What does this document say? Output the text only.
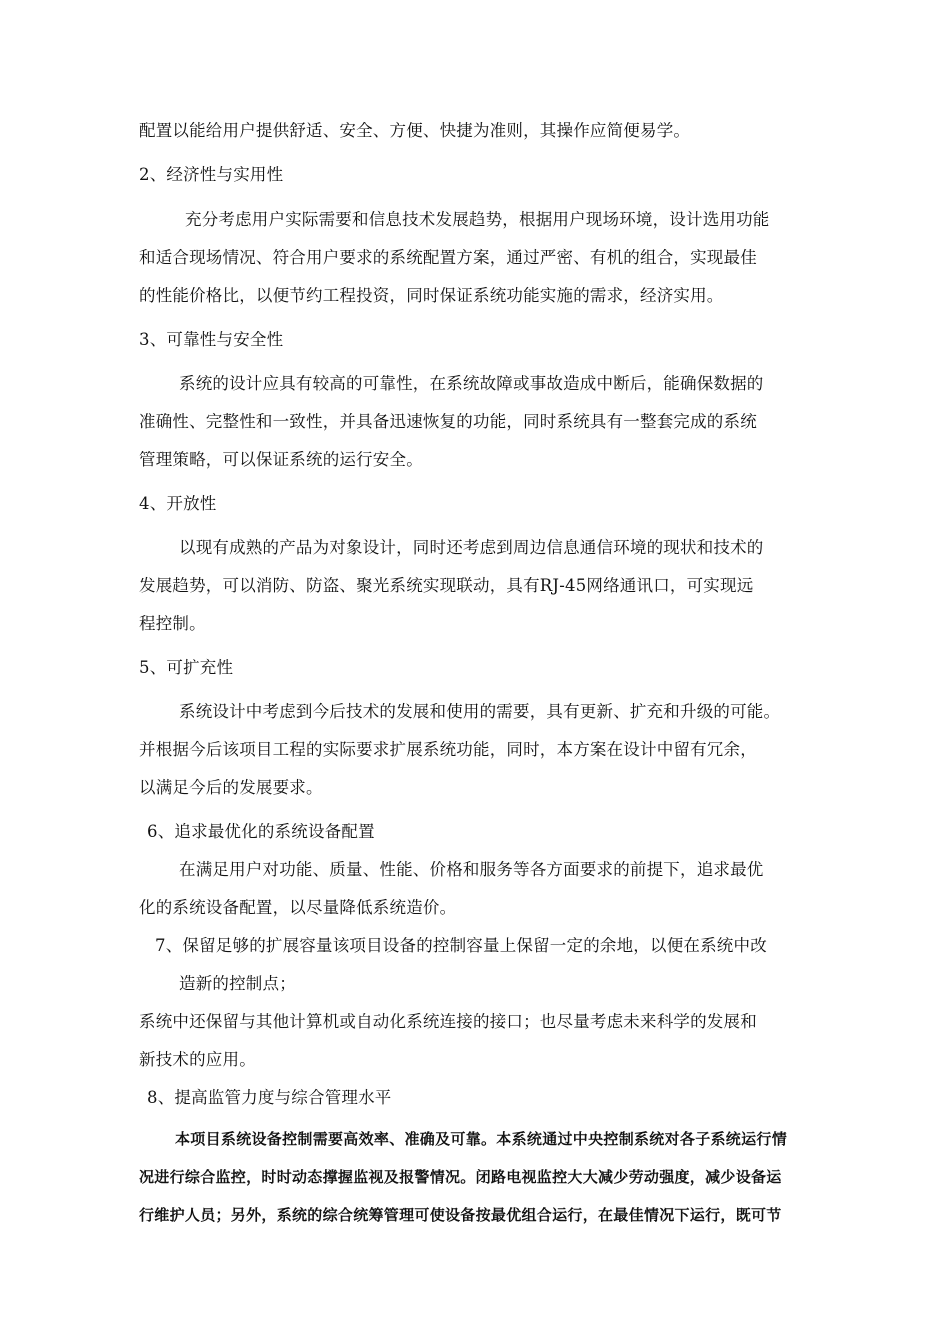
配置以能给用户提供舒适、安全、方便、快捷为准则，其操作应简便易学。

2、经济性与实用性

充分考虑用户实际需要和信息技术发展趋势，根据用户现场环境，设计选用功能

和适合现场情况、符合用户要求的系统配置方案，通过严密、有机的组合，实现最佳

的性能价格比，以便节约工程投资，同时保证系统功能实施的需求，经济实用。

3、可靠性与安全性

系统的设计应具有较高的可靠性，在系统故障或事故造成中断后，能确保数据的

准确性、完整性和一致性，并具备迅速恢复的功能，同时系统具有一整套完成的系统

管理策略，可以保证系统的运行安全。

4、开放性

以现有成熟的产品为对象设计，同时还考虑到周边信息通信环境的现状和技术的

发展趋势，可以消防、防盗、聚光系统实现联动，具有RJ-45网络通讯口，可实现远

程控制。

5、可扩充性

系统设计中考虑到今后技术的发展和使用的需要，具有更新、扩充和升级的可能。

并根据今后该项目工程的实际要求扩展系统功能，同时，本方案在设计中留有冗余，

以满足今后的发展要求。

6、追求最优化的系统设备配置

在满足用户对功能、质量、性能、价格和服务等各方面要求的前提下，追求最优

化的系统设备配置，以尽量降低系统造价。

7、保留足够的扩展容量该项目设备的控制容量上保留一定的余地，以便在系统中改

造新的控制点；

系统中还保留与其他计算机或自动化系统连接的接口；也尽量考虑未来科学的发展和

新技术的应用。

8、提高监管力度与综合管理水平

本项目系统设备控制需要高效率、准确及可靠。本系统通过中央控制系统对各子系统运行情

况进行综合监控，时时动态撑握监视及报警情况。闭路电视监控大大减少劳动强度，减少设备运

行维护人员；另外，系统的综合统筹管理可使设备按最优组合运行，在最佳情况下运行，既可节
